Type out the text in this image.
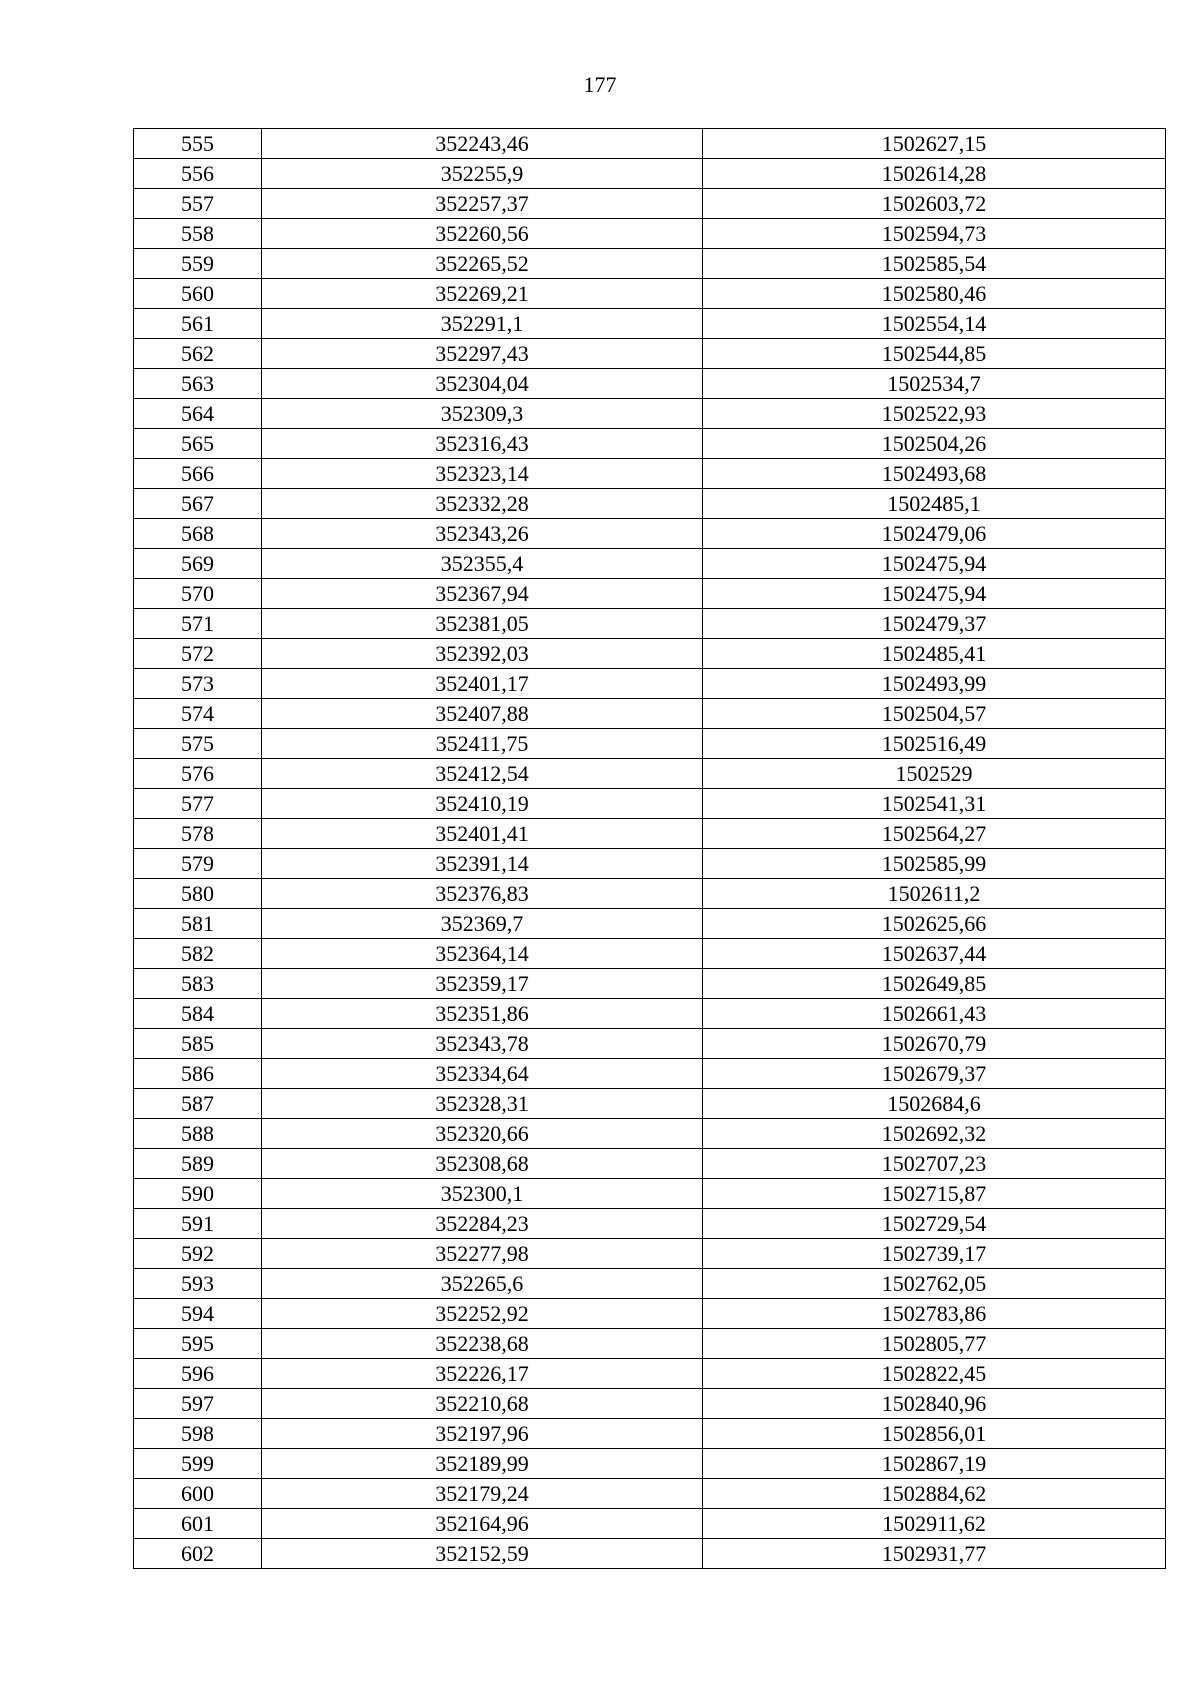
177
555	352243,46	1502627,15
556	352255,9	1502614,28
557	352257,37	1502603,72
558	352260,56	1502594,73
559	352265,52	1502585,54
560	352269,21	1502580,46
561	352291,1	1502554,14
562	352297,43	1502544,85
563	352304,04	1502534,7
564	352309,3	1502522,93
565	352316,43	1502504,26
566	352323,14	1502493,68
567	352332,28	1502485,1
568	352343,26	1502479,06
569	352355,4	1502475,94
570	352367,94	1502475,94
571	352381,05	1502479,37
572	352392,03	1502485,41
573	352401,17	1502493,99
574	352407,88	1502504,57
575	352411,75	1502516,49
576	352412,54	1502529
577	352410,19	1502541,31
578	352401,41	1502564,27
579	352391,14	1502585,99
580	352376,83	1502611,2
581	352369,7	1502625,66
582	352364,14	1502637,44
583	352359,17	1502649,85
584	352351,86	1502661,43
585	352343,78	1502670,79
586	352334,64	1502679,37
587	352328,31	1502684,6
588	352320,66	1502692,32
589	352308,68	1502707,23
590	352300,1	1502715,87
591	352284,23	1502729,54
592	352277,98	1502739,17
593	352265,6	1502762,05
594	352252,92	1502783,86
595	352238,68	1502805,77
596	352226,17	1502822,45
597	352210,68	1502840,96
598	352197,96	1502856,01
599	352189,99	1502867,19
600	352179,24	1502884,62
601	352164,96	1502911,62
602	352152,59	1502931,77
